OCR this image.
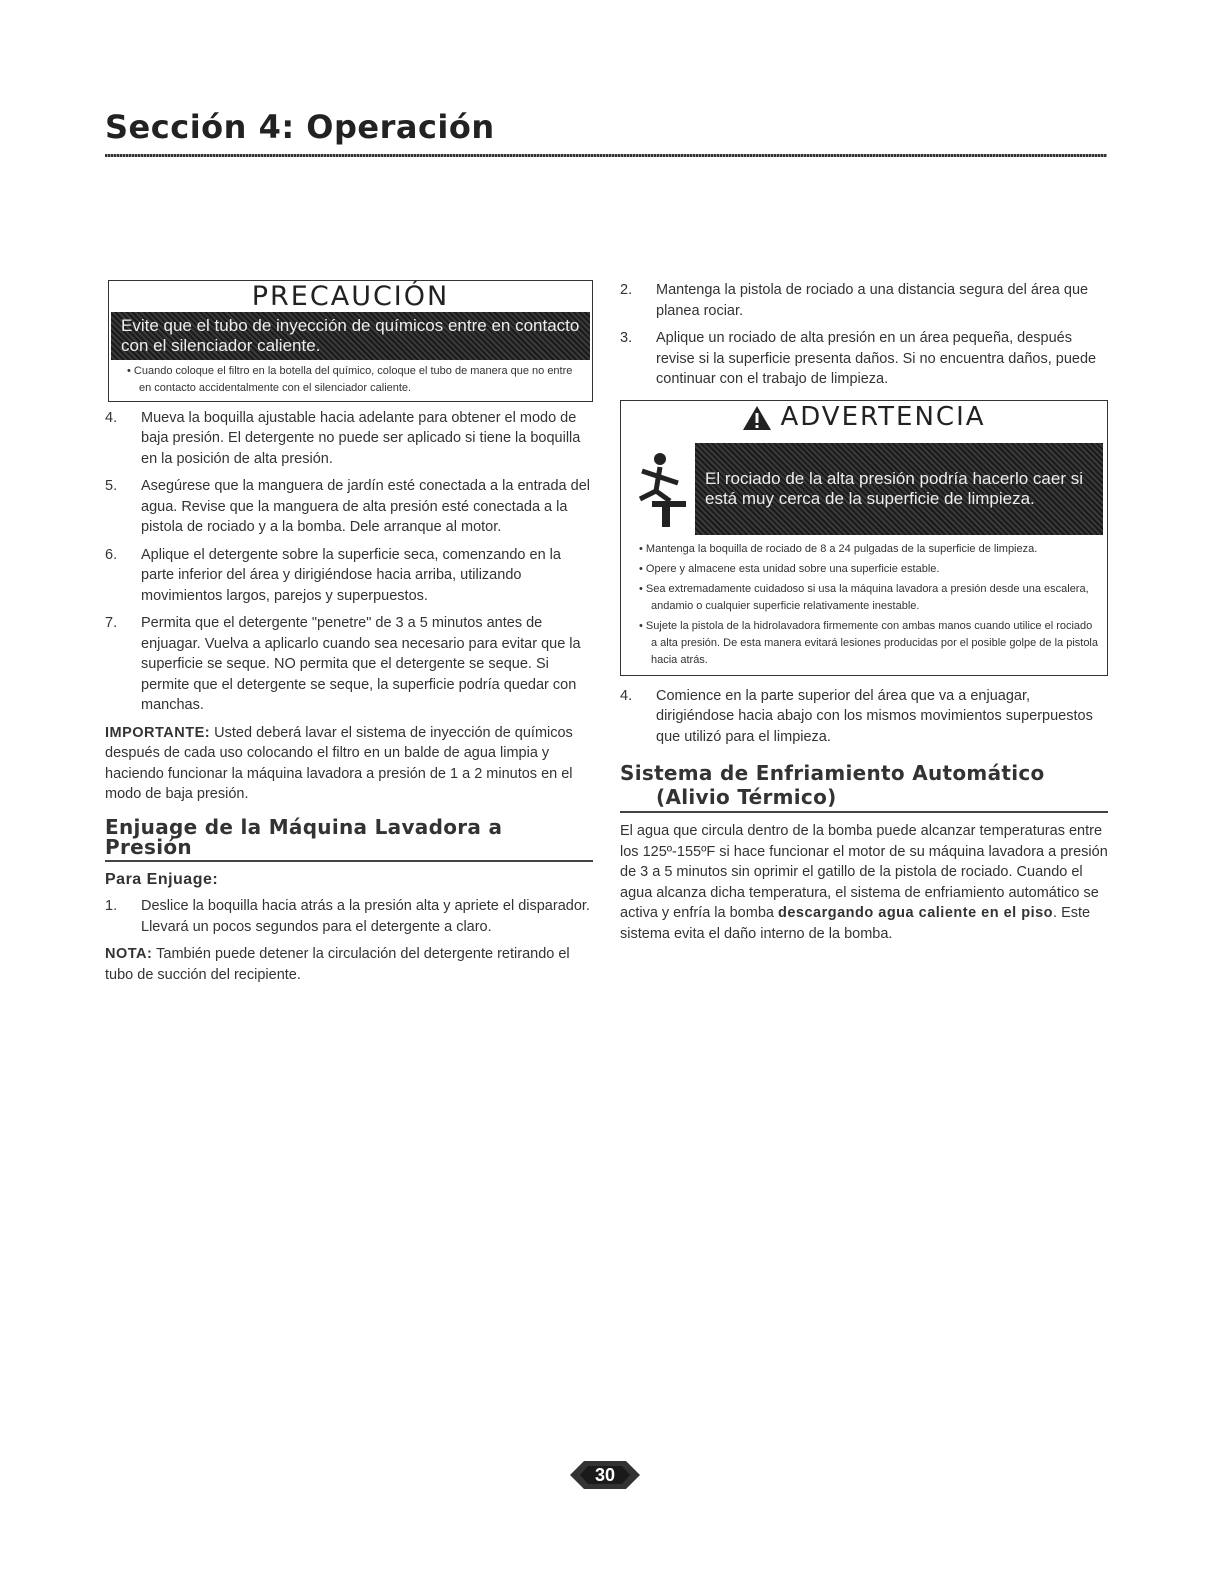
Sección 4: Operación
PRECAUCIÓN
Evite que el tubo de inyección de químicos entre en contacto con el silenciador caliente.
• Cuando coloque el filtro en la botella del químico, coloque el tubo de manera que no entre en contacto accidentalmente con el silenciador caliente.
4.	Mueva la boquilla ajustable hacia adelante para obtener el modo de baja presión. El detergente no puede ser aplicado si tiene la boquilla en la posición de alta presión.
5.	Asegúrese que la manguera de jardín esté conectada a la entrada del agua. Revise que la manguera de alta presión esté conectada a la pistola de rociado y a la bomba. Dele arranque al motor.
6.	Aplique el detergente sobre la superficie seca, comenzando en la parte inferior del área y dirigiéndose hacia arriba, utilizando movimientos largos, parejos y superpuestos.
7.	Permita que el detergente "penetre" de 3 a 5 minutos antes de enjuagar. Vuelva a aplicarlo cuando sea necesario para evitar que la superficie se seque. NO permita que el detergente se seque. Si permite que el detergente se seque, la superficie podría quedar con manchas.
IMPORTANTE: Usted deberá lavar el sistema de inyección de químicos después de cada uso colocando el filtro en un balde de agua limpia y haciendo funcionar la máquina lavadora a presión de 1 a 2 minutos en el modo de baja presión.
Enjuage de la Máquina Lavadora a Presión
Para Enjuage:
1.	Deslice la boquilla hacia atrás a la presión alta y apriete el disparador. Llevará un pocos segundos para el detergente a claro.
NOTA: También puede detener la circulación del detergente retirando el tubo de succión del recipiente.
2.	Mantenga la pistola de rociado a una distancia segura del área que planea rociar.
3.	Aplique un rociado de alta presión en un área pequeña, después revise si la superficie presenta daños. Si no encuentra daños, puede continuar con el trabajo de limpieza.
ADVERTENCIA
El rociado de la alta presión podría hacerlo caer si está muy cerca de la superficie de limpieza.
• Mantenga la boquilla de rociado de 8 a 24 pulgadas de la superficie de limpieza.
• Opere y almacene esta unidad sobre una superficie estable.
• Sea extremadamente cuidadoso si usa la máquina lavadora a presión desde una escalera, andamio o cualquier superficie relativamente inestable.
• Sujete la pistola de la hidrolavadora firmemente con ambas manos cuando utilice el rociado a alta presión. De esta manera evitará lesiones producidas por el posible golpe de la pistola hacia atrás.
4.	Comience en la parte superior del área que va a enjuagar, dirigiéndose hacia abajo con los mismos movimientos superpuestos que utilizó para el limpieza.
Sistema de Enfriamiento Automático
(Alivio Térmico)
El agua que circula dentro de la bomba puede alcanzar temperaturas entre los 125º-155ºF si hace funcionar el motor de su máquina lavadora a presión de 3 a 5 minutos sin oprimir el gatillo de la pistola de rociado. Cuando el agua alcanza dicha temperatura, el sistema de enfriamiento automático se activa y enfría la bomba descargando agua caliente en el piso. Este sistema evita el daño interno de la bomba.
30
